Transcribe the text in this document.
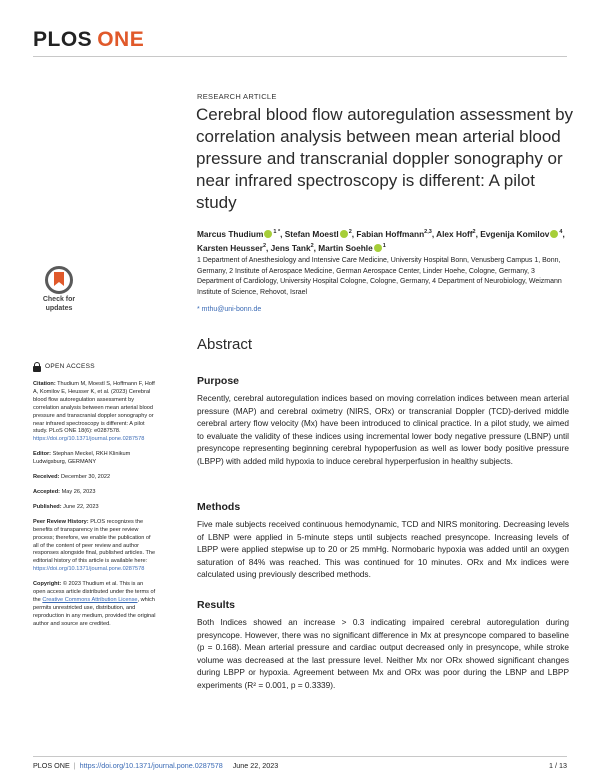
PLOS ONE
RESEARCH ARTICLE
Cerebral blood flow autoregulation assessment by correlation analysis between mean arterial blood pressure and transcranial doppler sonography or near infrared spectroscopy is different: A pilot study
Marcus Thudium $^{1 *}$, Stefan Moestl $^2$, Fabian Hoffmann$^{2,3}$, Alex Hoff$^2$, Evgenija Komilov $^4$, Karsten Heusser$^2$, Jens Tank$^2$, Martin Soehle $^1$
1 Department of Anesthesiology and Intensive Care Medicine, University Hospital Bonn, Venusberg Campus 1, Bonn, Germany, 2 Institute of Aerospace Medicine, German Aerospace Center, Linder Hoehe, Cologne, Germany, 3 Department of Cardiology, University Hospital Cologne, Cologne, Germany, 4 Department of Neurobiology, Weizmann Institute of Science, Rehovot, Israel
* mthu@uni-bonn.de
Abstract
Purpose
Recently, cerebral autoregulation indices based on moving correlation indices between mean arterial pressure (MAP) and cerebral oximetry (NIRS, ORx) or transcranial Doppler (TCD)-derived middle cerebral artery flow velocity (Mx) have been introduced to clinical practice. In a pilot study, we aimed to evaluate the validity of these indices using incremental lower body negative pressure (LBNP) until presyncope representing beginning cerebral hypoperfusion as well as lower body positive pressure (LBPP) with added mild hypoxia to induce cerebral hyperperfusion in healthy subjects.
Methods
Five male subjects received continuous hemodynamic, TCD and NIRS monitoring. Decreasing levels of LBNP were applied in 5-minute steps until subjects reached presyncope. Increasing levels of LBPP were applied stepwise up to 20 or 25 mmHg. Normobaric hypoxia was added until an oxygen saturation of 84% was reached. This was continued for 10 minutes. ORx and Mx indices were calculated using previously described methods.
Results
Both Indices showed an increase > 0.3 indicating impaired cerebral autoregulation during presyncope. However, there was no significant difference in Mx at presyncope compared to baseline (p = 0.168). Mean arterial pressure and cardiac output decreased only in presyncope, while stroke volume was decreased at the last pressure level. Neither Mx nor ORx showed significant changes during LBPP or hypoxia. Agreement between Mx and ORx was poor during the LBNP and LBPP experiments (R² = 0.001, p = 0.3339).
Check for
updates
OPEN ACCESS
Citation: Thudium M, Moestl S, Hoffmann F, Hoff A, Komilov E, Heusser K, et al. (2023) Cerebral blood flow autoregulation assessment by correlation analysis between mean arterial blood pressure and transcranial doppler sonography or near infrared spectroscopy is different: A pilot study. PLoS ONE 18(6): e0287578. https://doi.org/10.1371/journal.pone.0287578
Editor: Stephan Meckel, RKH Klinikum Ludwigsburg, GERMANY
Received: December 30, 2022
Accepted: May 26, 2023
Published: June 22, 2023
Peer Review History: PLOS recognizes the benefits of transparency in the peer review process; therefore, we enable the publication of all of the content of peer review and author responses alongside final, published articles. The editorial history of this article is available here: https://doi.org/10.1371/journal.pone.0287578
Copyright: © 2023 Thudium et al. This is an open access article distributed under the terms of the Creative Commons Attribution License, which permits unrestricted use, distribution, and reproduction in any medium, provided the original author and source are credited.
PLOS ONE | https://doi.org/10.1371/journal.pone.0287578 June 22, 2023	1 / 13
